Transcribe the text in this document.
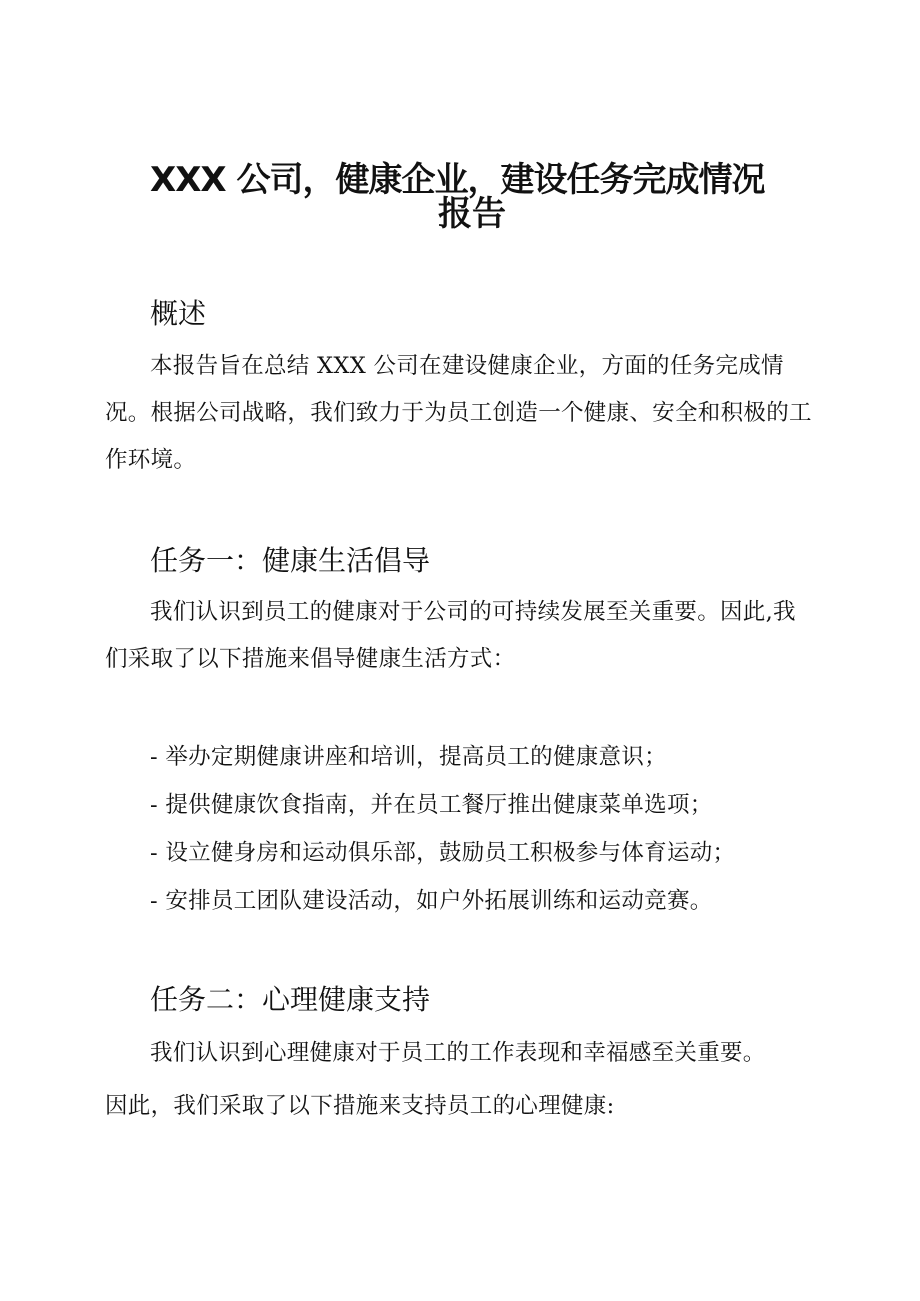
XXX 公司，健康企业，建设任务完成情况
报告
概述

本报告旨在总结 XXX 公司在建设健康企业，方面的任务完成情况。根据公司战略，我们致力于为员工创造一个健康、安全和积极的工作环境。

任务一：健康生活倡导

我们认识到员工的健康对于公司的可持续发展至关重要。因此,我们采取了以下措施来倡导健康生活方式：

- 举办定期健康讲座和培训，提高员工的健康意识；
- 提供健康饮食指南，并在员工餐厅推出健康菜单选项；
- 设立健身房和运动俱乐部，鼓励员工积极参与体育运动；
- 安排员工团队建设活动，如户外拓展训练和运动竞赛。
任务二：心理健康支持

我们认识到心理健康对于员工的工作表现和幸福感至关重要。

因此，我们采取了以下措施来支持员工的心理健康:
